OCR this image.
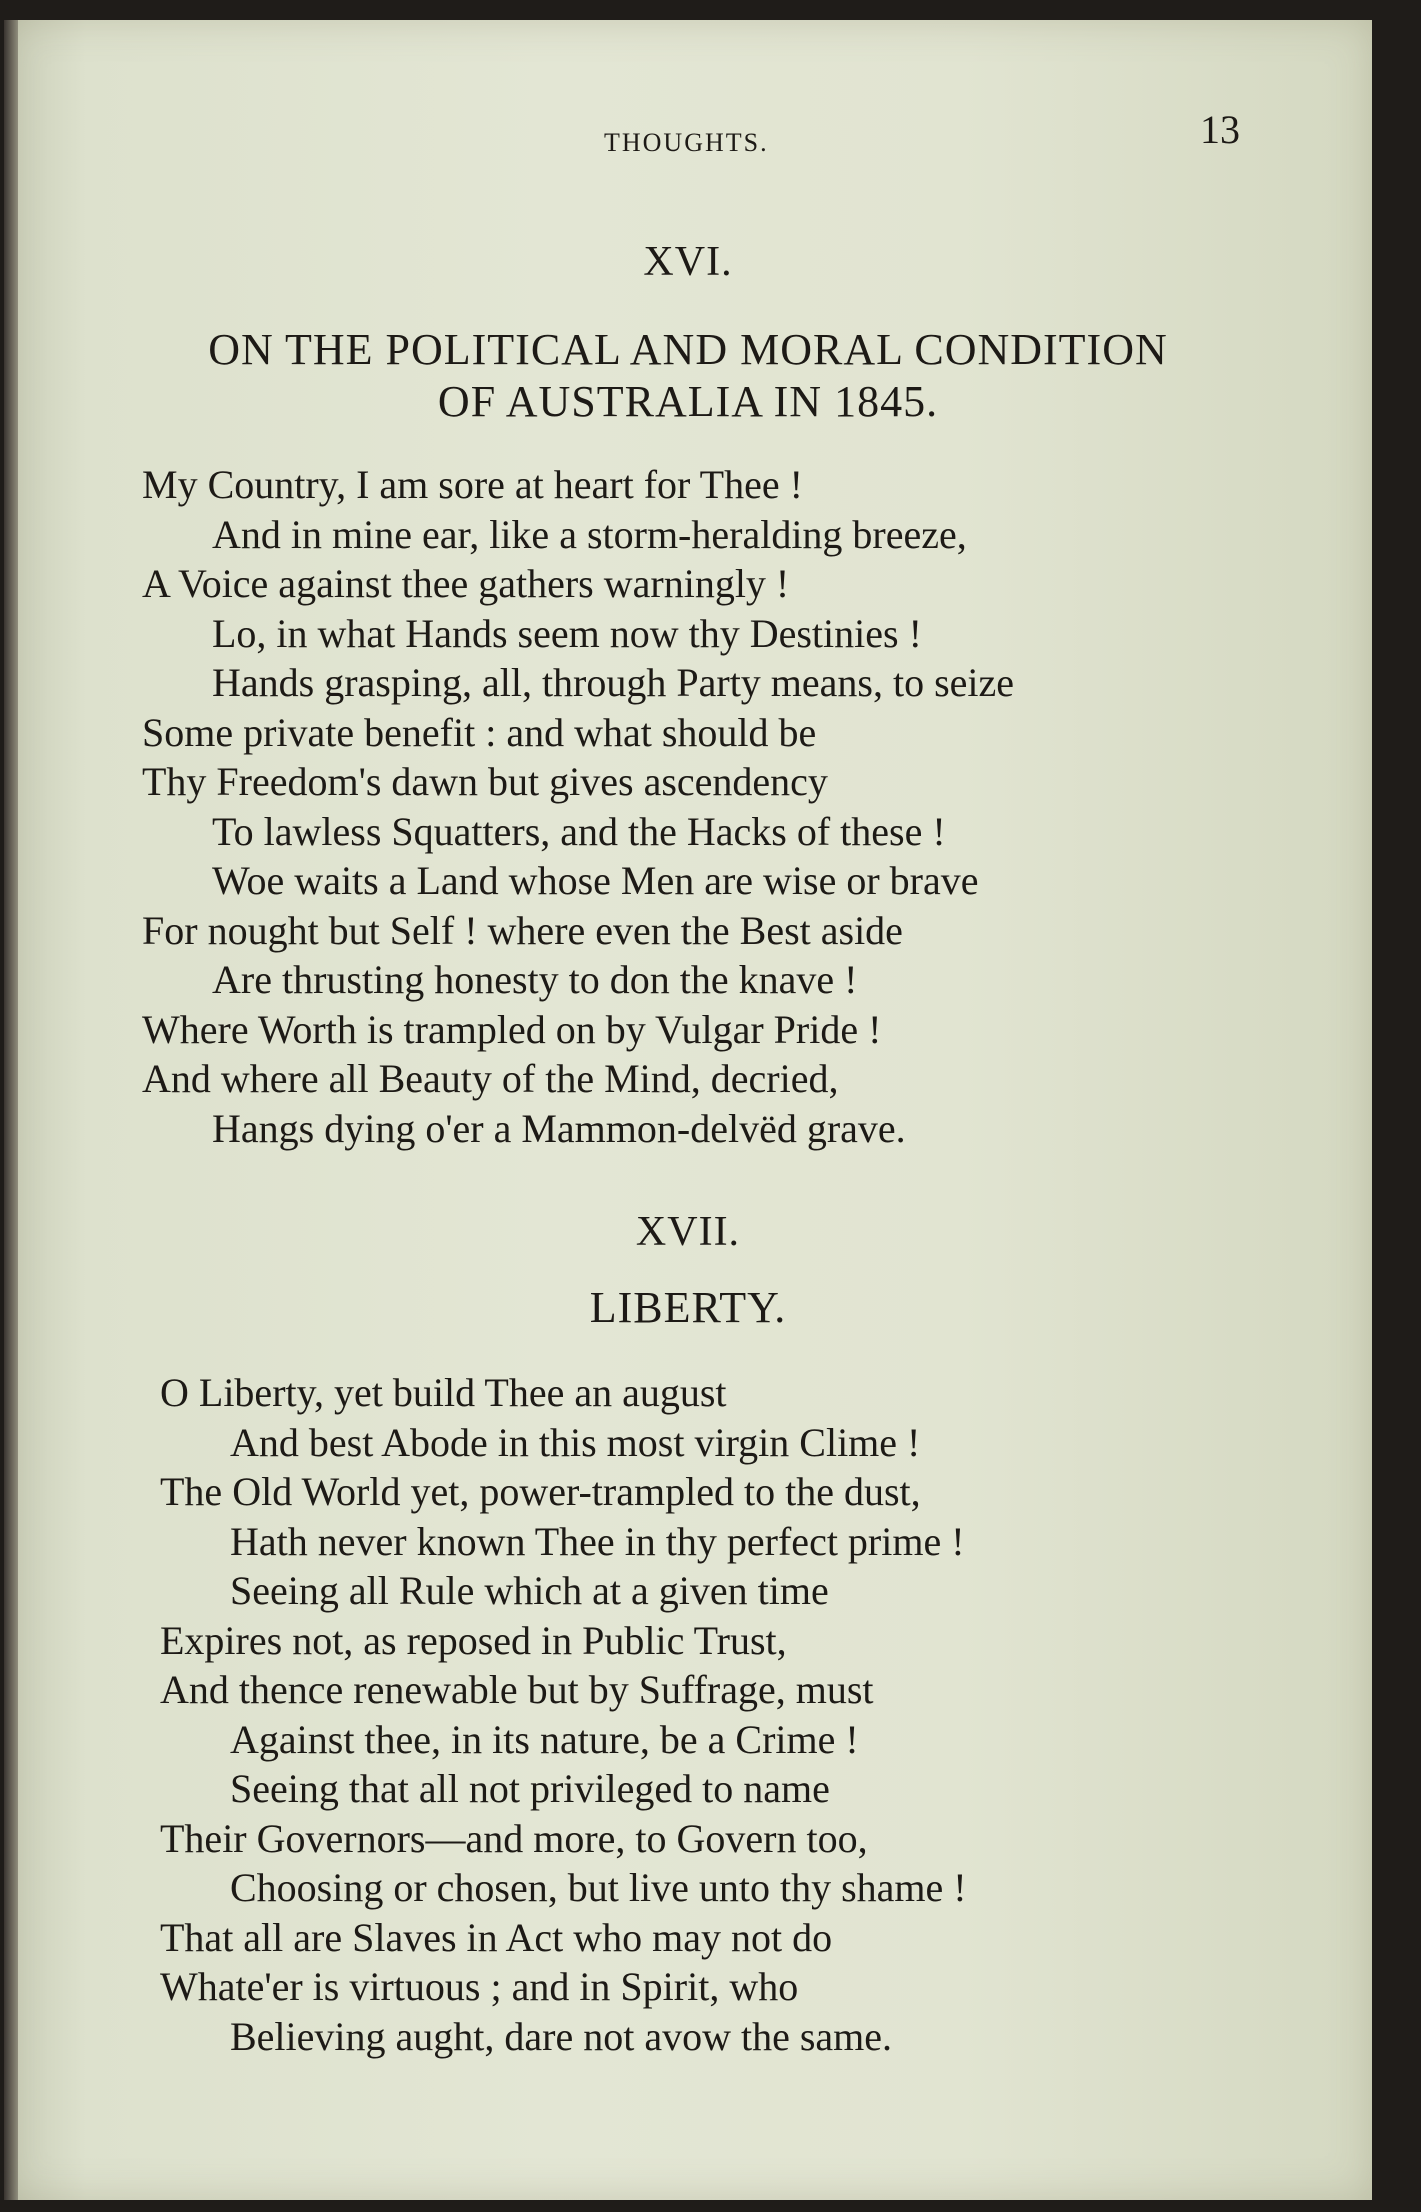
THOUGHTS.	13
XVI.
ON THE POLITICAL AND MORAL CONDITION
OF AUSTRALIA IN 1845.
My Country, I am sore at heart for Thee !
And in mine ear, like a storm-heralding breeze,
A Voice against thee gathers warningly !
Lo, in what Hands seem now thy Destinies !
Hands grasping, all, through Party means, to seize
Some private benefit : and what should be
Thy Freedom's dawn but gives ascendency
To lawless Squatters, and the Hacks of these !
Woe waits a Land whose Men are wise or brave
For nought but Self ! where even the Best aside
Are thrusting honesty to don the knave !
Where Worth is trampled on by Vulgar Pride !
And where all Beauty of the Mind, decried,
Hangs dying o'er a Mammon-delvëd grave.
XVII.
LIBERTY.
O Liberty, yet build Thee an august
And best Abode in this most virgin Clime !
The Old World yet, power-trampled to the dust,
Hath never known Thee in thy perfect prime !
Seeing all Rule which at a given time
Expires not, as reposed in Public Trust,
And thence renewable but by Suffrage, must
Against thee, in its nature, be a Crime !
Seeing that all not privileged to name
Their Governors—and more, to Govern too,
Choosing or chosen, but live unto thy shame !
That all are Slaves in Act who may not do
Whate'er is virtuous ; and in Spirit, who
Believing aught, dare not avow the same.
